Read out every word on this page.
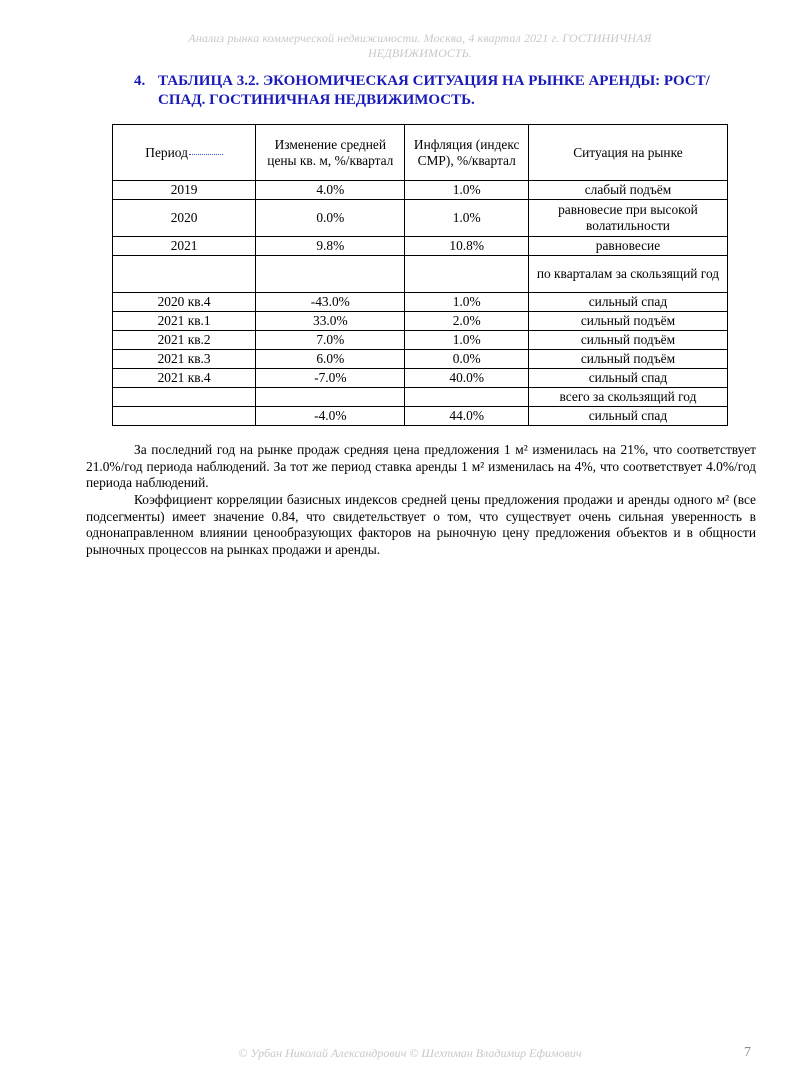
Анализ рынка коммерческой недвижимости. Москва, 4 квартал 2021 г. ГОСТИНИЧНАЯ
НЕДВИЖИМОСТЬ.
4. ТАБЛИЦА 3.2. ЭКОНОМИЧЕСКАЯ СИТУАЦИЯ НА РЫНКЕ АРЕНДЫ: РОСТ/СПАД. ГОСТИНИЧНАЯ НЕДВИЖИМОСТЬ.
Период	Изменение средней цены кв. м, %/квартал	Инфляция (индекс СМР), %/квартал	Ситуация на рынке
2019	4.0%	1.0%	слабый подъём
2020	0.0%	1.0%	равновесие при высокой волатильности
2021	9.8%	10.8%	равновесие
			по кварталам за скользящий год
2020 кв.4	-43.0%	1.0%	сильный спад
2021 кв.1	33.0%	2.0%	сильный подъём
2021 кв.2	7.0%	1.0%	сильный подъём
2021 кв.3	6.0%	0.0%	сильный подъём
2021 кв.4	-7.0%	40.0%	сильный спад
			всего за скользящий год
	-4.0%	44.0%	сильный спад
За последний год на рынке продаж средняя цена предложения 1 м² изменилась на 21%, что соответствует 21.0%/год периода наблюдений. За тот же период ставка аренды 1 м² изменилась на 4%, что соответствует 4.0%/год периода наблюдений.
Коэффициент корреляции базисных индексов средней цены предложения продажи и аренды одного м² (все подсегменты) имеет значение 0.84, что свидетельствует о том, что существует очень сильная уверенность в однонаправленном влиянии ценообразующих факторов на рыночную цену предложения объектов и в общности рыночных процессов на рынках продажи и аренды.
© Урбан Николай Александрович © Шехтман Владимир Ефимович	7
